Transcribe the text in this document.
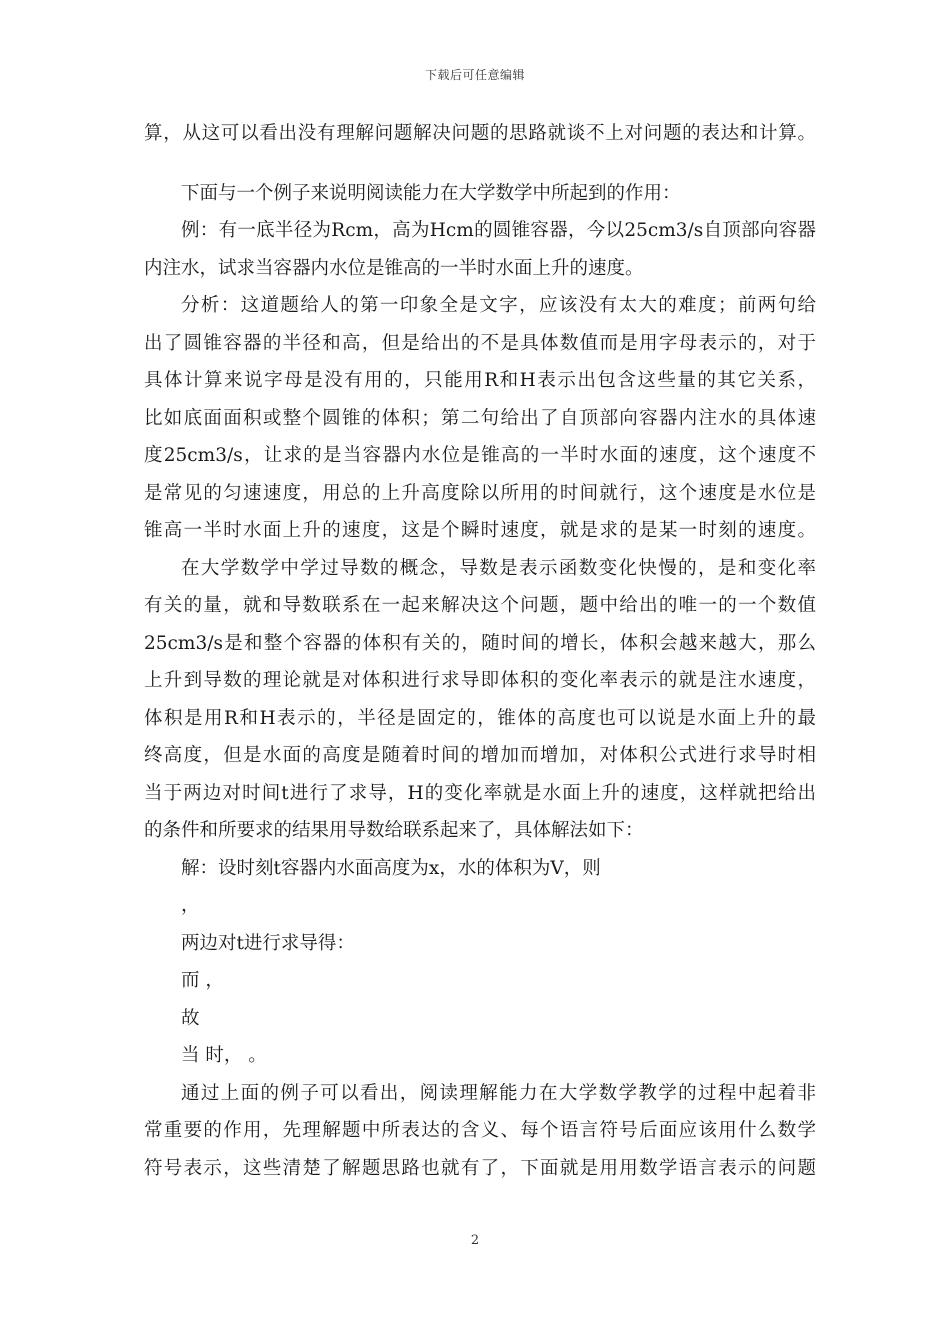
下载后可任意编辑
算，从这可以看出没有理解问题解决问题的思路就谈不上对问题的表达和计算。
下面与一个例子来说明阅读能力在大学数学中所起到的作用：
例：有一底半径为Rcm，高为Hcm的圆锥容器，今以25cm3/s自顶部向容器
内注水，试求当容器内水位是锥高的一半时水面上升的速度。
分析：这道题给人的第一印象全是文字，应该没有太大的难度；前两句给
出了圆锥容器的半径和高，但是给出的不是具体数值而是用字母表示的，对于
具体计算来说字母是没有用的，只能用R和H表示出包含这些量的其它关系，
比如底面面积或整个圆锥的体积；第二句给出了自顶部向容器内注水的具体速
度25cm3/s，让求的是当容器内水位是锥高的一半时水面的速度，这个速度不
是常见的匀速速度，用总的上升高度除以所用的时间就行，这个速度是水位是
锥高一半时水面上升的速度，这是个瞬时速度，就是求的是某一时刻的速度。
在大学数学中学过导数的概念，导数是表示函数变化快慢的，是和变化率
有关的量，就和导数联系在一起来解决这个问题，题中给出的唯一的一个数值
25cm3/s是和整个容器的体积有关的，随时间的增长，体积会越来越大，那么
上升到导数的理论就是对体积进行求导即体积的变化率表示的就是注水速度，
体积是用R和H表示的，半径是固定的，锥体的高度也可以说是水面上升的最
终高度，但是水面的高度是随着时间的增加而增加，对体积公式进行求导时相
当于两边对时间t进行了求导，H的变化率就是水面上升的速度，这样就把给出
的条件和所要求的结果用导数给联系起来了，具体解法如下：
解：设时刻t容器内水面高度为x，水的体积为V，则
，
两边对t进行求导得：
而 ，
故
当 时， 。
通过上面的例子可以看出，阅读理解能力在大学数学教学的过程中起着非
常重要的作用，先理解题中所表达的含义、每个语言符号后面应该用什么数学
符号表示，这些清楚了解题思路也就有了，下面就是用用数学语言表示的问题
2
